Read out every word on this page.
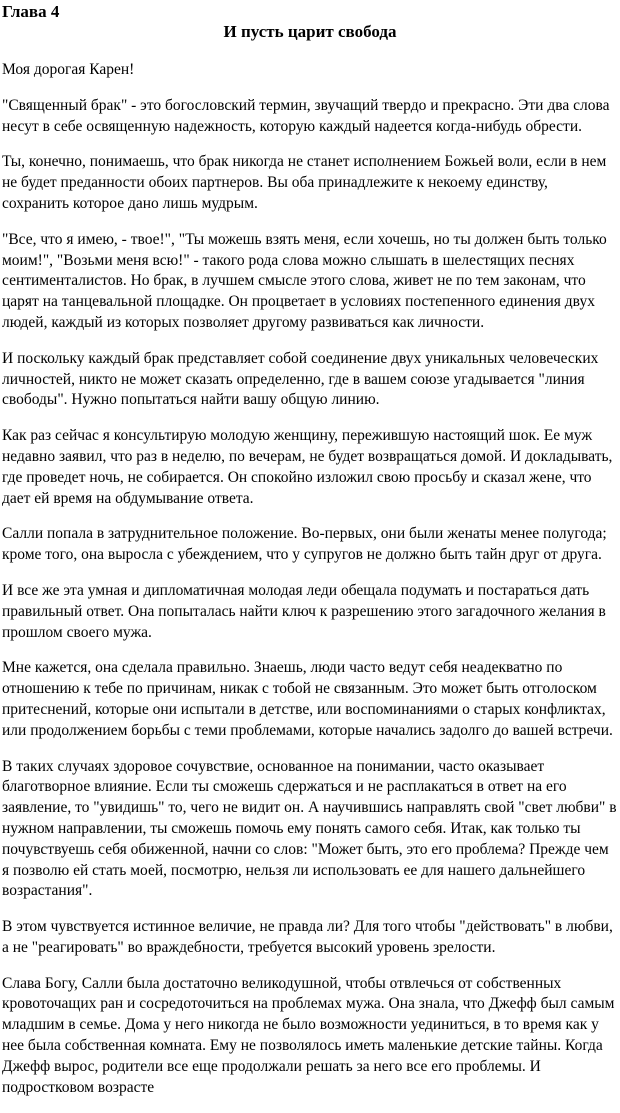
Глава 4
И пусть царит свобода

Моя дорогая Карен!

"Священный брак" - это богословский термин, звучащий твердо и прекрасно. Эти два слова несут в себе освященную надежность, которую каждый надеется когда-нибудь обрести.

Ты, конечно, понимаешь, что брак никогда не станет исполнением Божьей воли, если в нем не будет преданности обоих партнеров. Вы оба принадлежите к некоему единству, сохранить которое дано лишь мудрым.

"Все, что я имею, - твое!", "Ты можешь взять меня, если хочешь, но ты должен быть только моим!", "Возьми меня всю!" - такого рода слова можно слышать в шелестящих песнях сентименталистов. Но брак, в лучшем смысле этого слова, живет не по тем законам, что царят на танцевальной площадке. Он процветает в условиях постепенного единения двух людей, каждый из которых позволяет другому развиваться как личности.

И поскольку каждый брак представляет собой соединение двух уникальных человеческих личностей, никто не может сказать определенно, где в вашем союзе угадывается "линия свободы". Нужно попытаться найти вашу общую линию.

Как раз сейчас я консультирую молодую женщину, пережившую настоящий шок. Ее муж недавно заявил, что раз в неделю, по вечерам, не будет возвращаться домой. И докладывать, где проведет ночь, не собирается. Он спокойно изложил свою просьбу и сказал жене, что дает ей время на обдумывание ответа.

Салли попала в затруднительное положение. Во-первых, они были женаты менее полугода; кроме того, она выросла с убеждением, что у супругов не должно быть тайн друг от друга.

И все же эта умная и дипломатичная молодая леди обещала подумать и постараться дать правильный ответ. Она попыталась найти ключ к разрешению этого загадочного желания в прошлом своего мужа.

Мне кажется, она сделала правильно. Знаешь, люди часто ведут себя неадекватно по отношению к тебе по причинам, никак с тобой не связанным. Это может быть отголоском притеснений, которые они испытали в детстве, или воспоминаниями о старых конфликтах, или продолжением борьбы с теми проблемами, которые начались задолго до вашей встречи.

В таких случаях здоровое сочувствие, основанное на понимании, часто оказывает благотворное влияние. Если ты сможешь сдержаться и не расплакаться в ответ на его заявление, то "увидишь" то, чего не видит он. А научившись направлять свой "свет любви" в нужном направлении, ты сможешь помочь ему понять самого себя. Итак, как только ты почувствуешь себя обиженной, начни со слов: "Может быть, это его проблема? Прежде чем я позволю ей стать моей, посмотрю, нельзя ли использовать ее для нашего дальнейшего возрастания".

В этом чувствуется истинное величие, не правда ли? Для того чтобы "действовать" в любви, а не "реагировать" во враждебности, требуется высокий уровень зрелости.

Слава Богу, Салли была достаточно великодушной, чтобы отвлечься от собственных кровоточащих ран и сосредоточиться на проблемах мужа. Она знала, что Джефф был самым младшим в семье. Дома у него никогда не было возможности уединиться, в то время как у нее была собственная комната. Ему не позволялось иметь маленькие детские тайны. Когда Джефф вырос, родители все еще продолжали решать за него все его проблемы. И подростковом возрасте
